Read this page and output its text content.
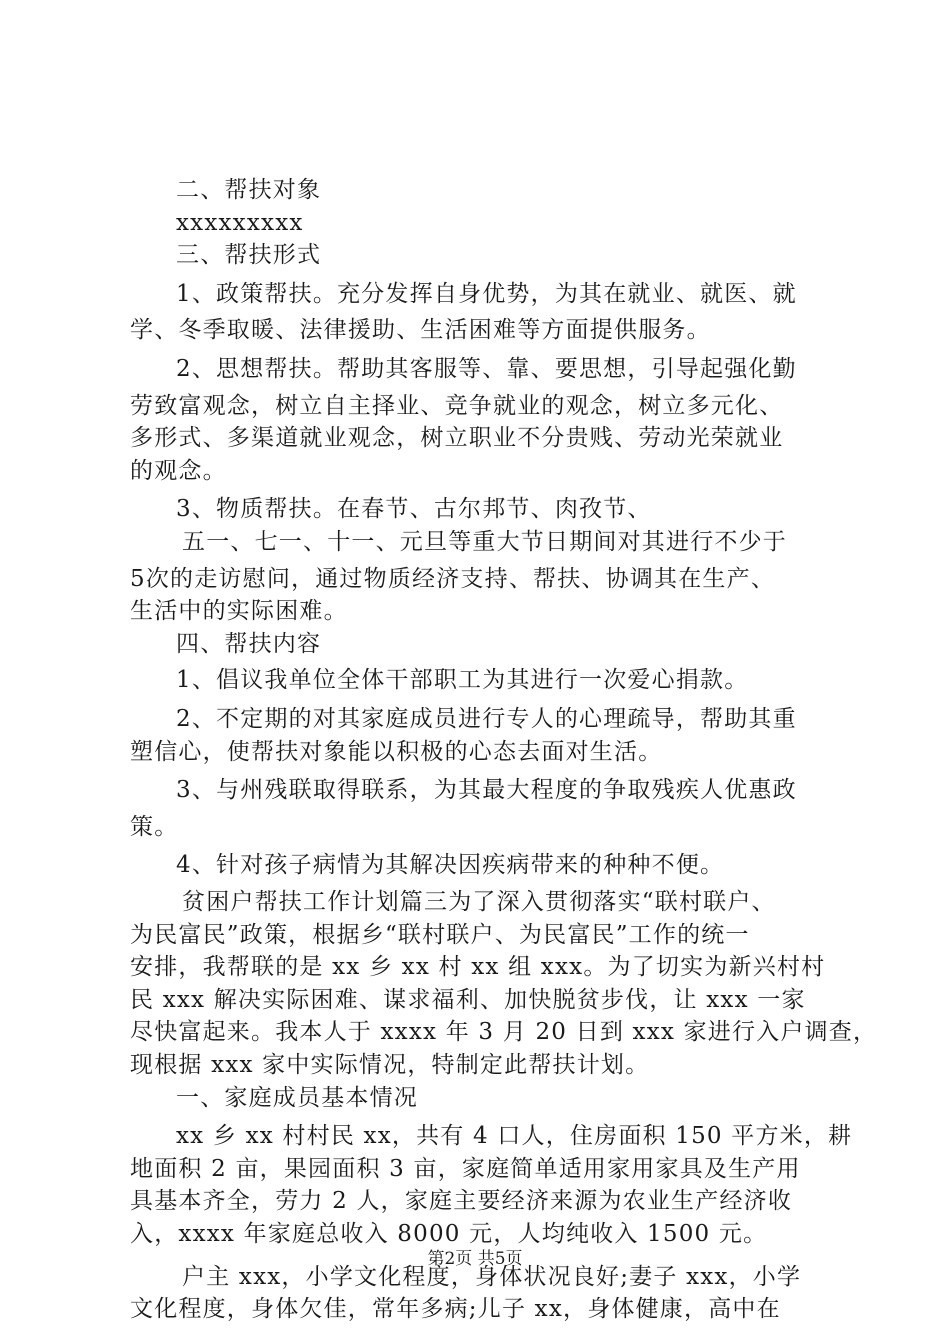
二、帮扶对象

xxxxxxxxx

三、帮扶形式

1、政策帮扶。充分发挥自身优势，为其在就业、就医、就

学、冬季取暖、法律援助、生活困难等方面提供服务。

2、思想帮扶。帮助其客服等、靠、要思想，引导起强化勤

劳致富观念，树立自主择业、竞争就业的观念，树立多元化、

多形式、多渠道就业观念，树立职业不分贵贱、劳动光荣就业

的观念。

3、物质帮扶。在春节、古尔邦节、肉孜节、

五一、七一、十一、元旦等重大节日期间对其进行不少于

5次的走访慰问，通过物质经济支持、帮扶、协调其在生产、

生活中的实际困难。

四、帮扶内容

1、倡议我单位全体干部职工为其进行一次爱心捐款。

2、不定期的对其家庭成员进行专人的心理疏导，帮助其重

塑信心，使帮扶对象能以积极的心态去面对生活。

3、与州残联取得联系，为其最大程度的争取残疾人优惠政

策。

4、针对孩子病情为其解决因疾病带来的种种不便。

贫困户帮扶工作计划篇三为了深入贯彻落实“联村联户、

为民富民”政策，根据乡“联村联户、为民富民”工作的统一

安排，我帮联的是 xx 乡 xx 村 xx 组 xxx。为了切实为新兴村村

民 xxx 解决实际困难、谋求福利、加快脱贫步伐，让 xxx 一家

尽快富起来。我本人于 xxxx 年 3 月 20 日到 xxx 家进行入户调查，

现根据 xxx 家中实际情况，特制定此帮扶计划。

一、家庭成员基本情况

xx 乡 xx 村村民 xx，共有 4 口人，住房面积 150 平方米，耕

地面积 2 亩，果园面积 3 亩，家庭简单适用家用家具及生产用

具基本齐全，劳力 2 人，家庭主要经济来源为农业生产经济收

入，xxxx 年家庭总收入 8000 元，人均纯收入 1500 元。

户主 xxx，小学文化程度，身体状况良好;妻子 xxx，小学

文化程度，身体欠佳，常年多病;儿子 xx，身体健康，高中在

第2页 共5页
